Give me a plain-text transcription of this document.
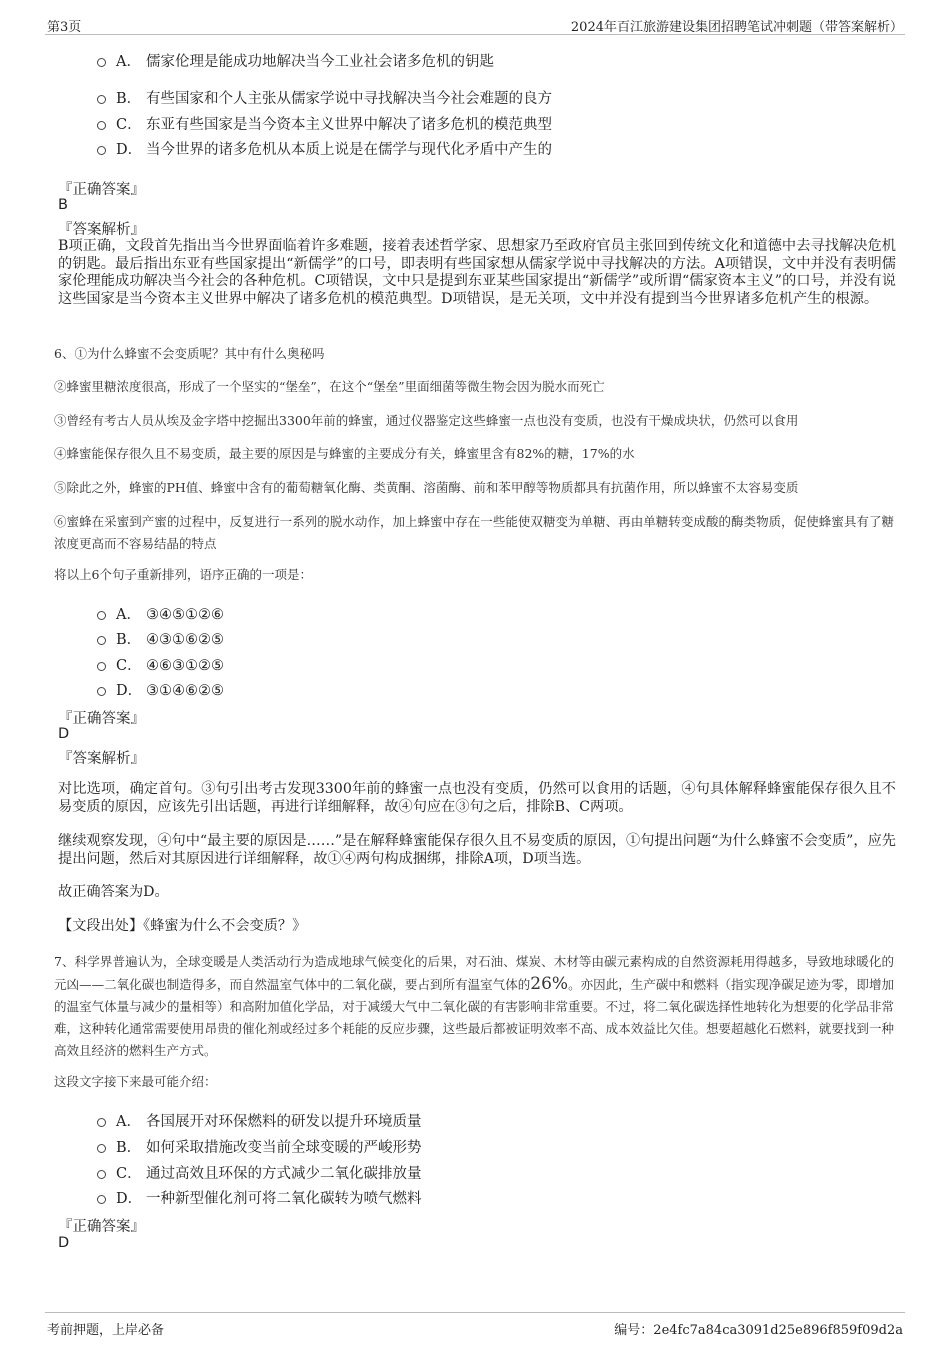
第3页	2024年百江旅游建设集团招聘笔试冲刺题（带答案解析）
A． 儒家伦理是能成功地解决当今工业社会诸多危机的钥匙
B． 有些国家和个人主张从儒家学说中寻找解决当今社会难题的良方
C． 东亚有些国家是当今资本主义世界中解决了诸多危机的模范典型
D． 当今世界的诸多危机从本质上说是在儒学与现代化矛盾中产生的
『正确答案』
B
『答案解析』
B项正确，文段首先指出当今世界面临着许多难题，接着表述哲学家、思想家乃至政府官员主张回到传统文化和道德中去寻找解决危机的钥匙。最后指出东亚有些国家提出“新儒学”的口号，即表明有些国家想从儒家学说中寻找解决的方法。A项错误，文中并没有表明儒家伦理能成功解决当今社会的各种危机。C项错误，文中只是提到东亚某些国家提出“新儒学”或所谓“儒家资本主义”的口号，并没有说这些国家是当今资本主义世界中解决了诸多危机的模范典型。D项错误，是无关项，文中并没有提到当今世界诸多危机产生的根源。
6、①为什么蜂蜜不会变质呢？其中有什么奥秘吗
②蜂蜜里糖浓度很高，形成了一个坚实的“堡垒”，在这个“堡垒”里面细菌等微生物会因为脱水而死亡
③曾经有考古人员从埃及金字塔中挖掘出3300年前的蜂蜜，通过仪器鉴定这些蜂蜜一点也没有变质，也没有干燥成块状，仍然可以食用
④蜂蜜能保存很久且不易变质，最主要的原因是与蜂蜜的主要成分有关，蜂蜜里含有82%的糖，17%的水
⑤除此之外，蜂蜜的PH值、蜂蜜中含有的葡萄糖氧化酶、类黄酮、溶菌酶、前和苯甲醇等物质都具有抗菌作用，所以蜂蜜不太容易变质
⑥蜜蜂在采蜜到产蜜的过程中，反复进行一系列的脱水动作，加上蜂蜜中存在一些能使双糖变为单糖、再由单糖转变成酸的酶类物质，促使蜂蜜具有了糖浓度更高而不容易结晶的特点
将以上6个句子重新排列，语序正确的一项是：
A． ③④⑤①②⑥
B． ④③①⑥②⑤
C． ④⑥③①②⑤
D． ③①④⑥②⑤
『正确答案』
D
『答案解析』
对比选项，确定首句。③句引出考古发现3300年前的蜂蜜一点也没有变质，仍然可以食用的话题，④句具体解释蜂蜜能保存很久且不易变质的原因，应该先引出话题，再进行详细解释，故④句应在③句之后，排除B、C两项。
继续观察发现，④句中“最主要的原因是……”是在解释蜂蜜能保存很久且不易变质的原因，①句提出问题“为什么蜂蜜不会变质”，应先提出问题，然后对其原因进行详细解释，故①④两句构成捆绑，排除A项，D项当选。
故正确答案为D。
【文段出处】《蜂蜜为什么不会变质？》
7、科学界普遍认为，全球变暖是人类活动行为造成地球气候变化的后果，对石油、煤炭、木材等由碳元素构成的自然资源耗用得越多，导致地球暖化的元凶——二氧化碳也制造得多，而自然温室气体中的二氧化碳，要占到所有温室气体的26%。亦因此，生产碳中和燃料（指实现净碳足迹为零，即增加的温室气体量与减少的量相等）和高附加值化学品，对于减缓大气中二氧化碳的有害影响非常重要。不过，将二氧化碳选择性地转化为想要的化学品非常难，这种转化通常需要使用昂贵的催化剂或经过多个耗能的反应步骤，这些最后都被证明效率不高、成本效益比欠佳。想要超越化石燃料，就要找到一种高效且经济的燃料生产方式。
这段文字接下来最可能介绍：
A． 各国展开对环保燃料的研发以提升环境质量
B． 如何采取措施改变当前全球变暖的严峻形势
C． 通过高效且环保的方式减少二氧化碳排放量
D． 一种新型催化剂可将二氧化碳转为喷气燃料
『正确答案』
D
考前押题，上岸必备	编号：2e4fc7a84ca3091d25e896f859f09d2a
